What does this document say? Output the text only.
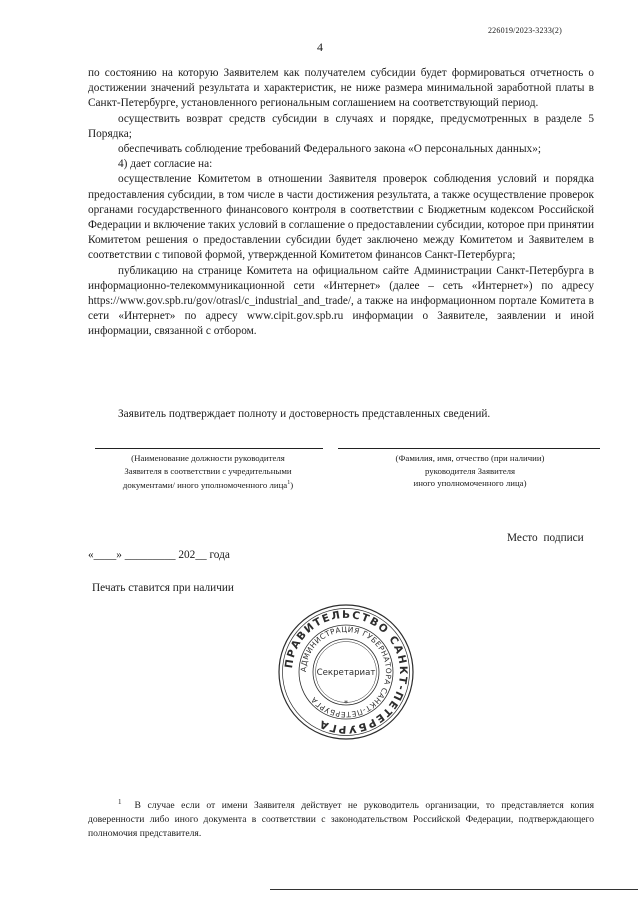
226019/2023-3233(2)
4

по состоянию на которую Заявителем как получателем субсидии будет формироваться отчетность о достижении значений результата и характеристик, не ниже размера минимальной заработной платы в Санкт-Петербурге, установленного региональным соглашением на соответствующий период.

осуществить возврат средств субсидии в случаях и порядке, предусмотренных в разделе 5 Порядка;

обеспечивать соблюдение требований Федерального закона «О персональных данных»;

4) дает согласие на:

осуществление Комитетом в отношении Заявителя проверок соблюдения условий и порядка предоставления субсидии, в том числе в части достижения результата, а также осуществление проверок органами государственного финансового контроля в соответствии с Бюджетным кодексом Российской Федерации и включение таких условий в соглашение о предоставлении субсидии, которое при принятии Комитетом решения о предоставлении субсидии будет заключено между Комитетом и Заявителем в соответствии с типовой формой, утвержденной Комитетом финансов Санкт-Петербурга;

публикацию на странице Комитета на официальном сайте Администрации Санкт-Петербурга в информационно-телекоммуникационной сети «Интернет» (далее – сеть «Интернет») по адресу https://www.gov.spb.ru/gov/otrasl/c_industrial_and_trade/, а также на информационном портале Комитета в сети «Интернет» по адресу www.cipit.gov.spb.ru информации о Заявителе, заявлении и иной информации, связанной с отбором.

Заявитель подтверждает полноту и достоверность представленных сведений.
(Наименование должности руководителя
Заявителя в соответствии с учредительными
документами/ иного уполномоченного лица$^1$)
(Фамилия, имя, отчество (при наличии)
руководителя Заявителя
иного уполномоченного лица)
Место подписи
«____» _________ 202__ года
Печать ставится при наличии
ПРАВИТЕЛЬСТВО САНКТ-ПЕТЕРБУРГА
АДМИНИСТРАЦИЯ ГУБЕРНАТОРА САНКТ-ПЕТЕРБУРГА
Секретариат
*

$^1$ В случае если от имени Заявителя действует не руководитель организации, то представляется копия доверенности либо иного документа в соответствии с законодательством Российской Федерации, подтверждающего полномочия представителя.
